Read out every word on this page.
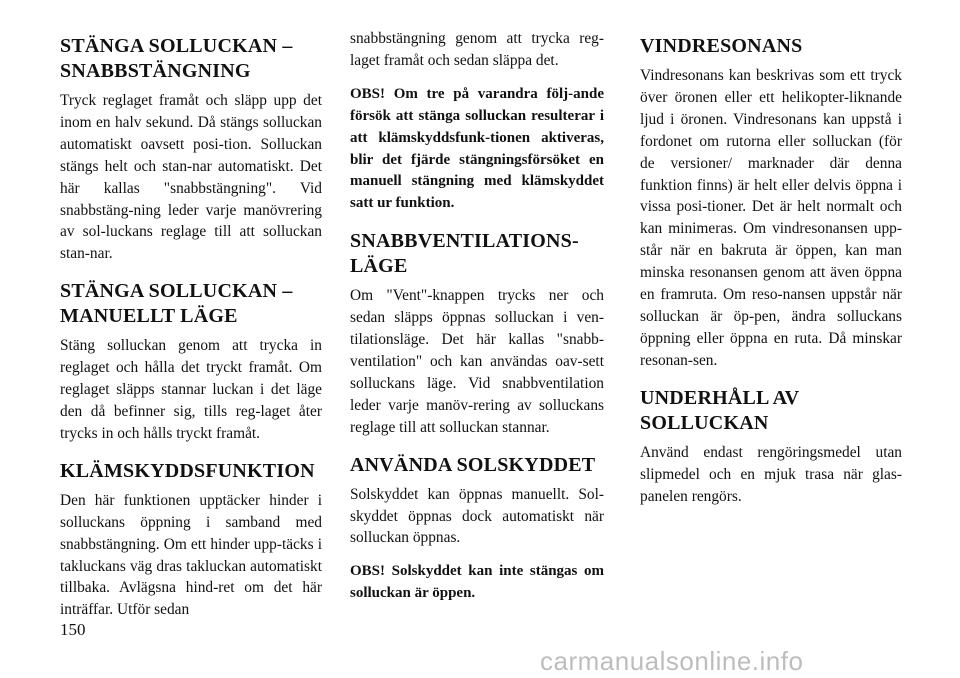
STÄNGA SOLLUCKAN – SNABBSTÄNGNING

Tryck reglaget framåt och släpp upp det inom en halv sekund. Då stängs solluckan automatiskt oavsett posi-tion. Solluckan stängs helt och stan-nar automatiskt. Det här kallas "snabbstängning". Vid snabbstäng-ning leder varje manövrering av sol-luckans reglage till att solluckan stan-nar.

STÄNGA SOLLUCKAN – MANUELLT LÄGE

Stäng solluckan genom att trycka in reglaget och hålla det tryckt framåt. Om reglaget släpps stannar luckan i det läge den då befinner sig, tills reg-laget åter trycks in och hålls tryckt framåt.

KLÄMSKYDDSFUNKTION

Den här funktionen upptäcker hinder i solluckans öppning i samband med snabbstängning. Om ett hinder upp-täcks i takluckans väg dras takluckan automatiskt tillbaka. Avlägsna hind-ret om det här inträffar. Utför sedan

snabbstängning genom att trycka reg-laget framåt och sedan släppa det.

OBS! Om tre på varandra följ-ande försök att stänga solluckan resulterar i att klämskyddsfunk-tionen aktiveras, blir det fjärde stängningsförsöket en manuell stängning med klämskyddet satt ur funktion.

SNABBVENTILATIONS-LÄGE

Om "Vent"-knappen trycks ner och sedan släpps öppnas solluckan i ven-tilationsläge. Det här kallas "snabb-ventilation" och kan användas oav-sett solluckans läge. Vid snabbventilation leder varje manöv-rering av solluckans reglage till att solluckan stannar.

ANVÄNDA SOLSKYDDET

Solskyddet kan öppnas manuellt. Sol-skyddet öppnas dock automatiskt när solluckan öppnas.

OBS! Solskyddet kan inte stängas om solluckan är öppen.

VINDRESONANS

Vindresonans kan beskrivas som ett tryck över öronen eller ett helikopter-liknande ljud i öronen. Vindresonans kan uppstå i fordonet om rutorna eller solluckan (för de versioner/ marknader där denna funktion finns) är helt eller delvis öppna i vissa posi-tioner. Det är helt normalt och kan minimeras. Om vindresonansen upp-står när en bakruta är öppen, kan man minska resonansen genom att även öppna en framruta. Om reso-nansen uppstår när solluckan är öp-pen, ändra solluckans öppning eller öppna en ruta. Då minskar resonan-sen.

UNDERHÅLL AV SOLLUCKAN

Använd endast rengöringsmedel utan slipmedel och en mjuk trasa när glas-panelen rengörs.

150
carmanualsonline.info
